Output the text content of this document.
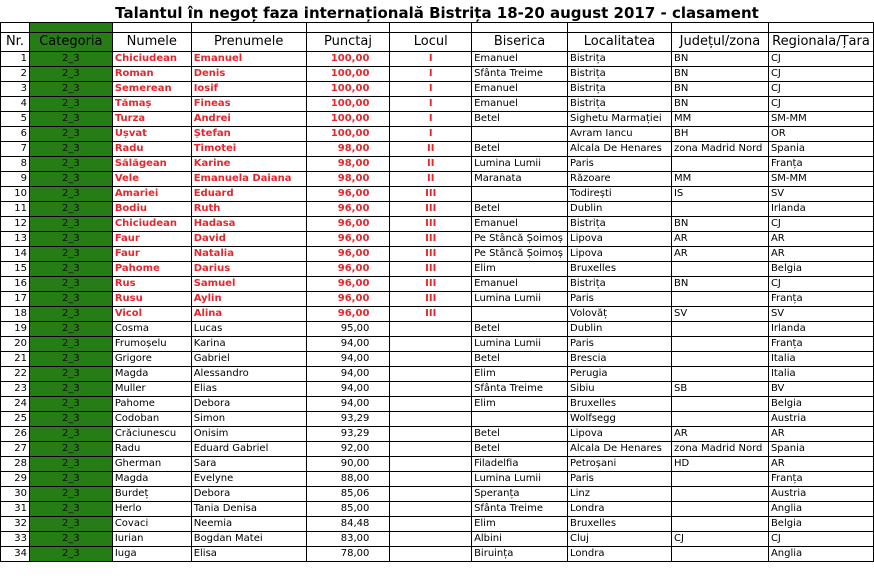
Talantul în negoț faza internațională Bistrița 18-20 august 2017 - clasament

Nr.	Categoria	Numele	Prenumele	Punctaj	Locul	Biserica	Localitatea	Județul/zona	Regionala/Țara
1	2_3	Chiciudean	Emanuel	100,00	I	Emanuel	Bistrița	BN	CJ
2	2_3	Roman	Denis	100,00	I	Sfânta Treime	Bistrița	BN	CJ
3	2_3	Semerean	Iosif	100,00	I	Emanuel	Bistrița	BN	CJ
4	2_3	Tămaș	Fineas	100,00	I	Emanuel	Bistrița	BN	CJ
5	2_3	Turza	Andrei	100,00	I	Betel	Sighetu Marmației	MM	SM-MM
6	2_3	Ușvat	Ștefan	100,00	I		Avram Iancu	BH	OR
7	2_3	Radu	Timotei	98,00	II	Betel	Alcala De Henares	zona Madrid Nord	Spania
8	2_3	Sălăgean	Karine	98,00	II	Lumina Lumii	Paris		Franța
9	2_3	Vele	Emanuela Daiana	98,00	II	Maranata	Răzoare	MM	SM-MM
10	2_3	Amariei	Eduard	96,00	III		Todirești	IS	SV
11	2_3	Bodiu	Ruth	96,00	III	Betel	Dublin		Irlanda
12	2_3	Chiciudean	Hadasa	96,00	III	Emanuel	Bistrița	BN	CJ
13	2_3	Faur	David	96,00	III	Pe Stâncă Șoimoș	Lipova	AR	AR
14	2_3	Faur	Natalia	96,00	III	Pe Stâncă Șoimoș	Lipova	AR	AR
15	2_3	Pahome	Darius	96,00	III	Elim	Bruxelles		Belgia
16	2_3	Rus	Samuel	96,00	III	Emanuel	Bistrița	BN	CJ
17	2_3	Rusu	Aylin	96,00	III	Lumina Lumii	Paris		Franța
18	2_3	Vicol	Alina	96,00	III		Volovăț	SV	SV
19	2_3	Cosma	Lucas	95,00		Betel	Dublin		Irlanda
20	2_3	Frumoșelu	Karina	94,00		Lumina Lumii	Paris		Franța
21	2_3	Grigore	Gabriel	94,00		Betel	Brescia		Italia
22	2_3	Magda	Alessandro	94,00		Elim	Perugia		Italia
23	2_3	Muller	Elias	94,00		Sfânta Treime	Sibiu	SB	BV
24	2_3	Pahome	Debora	94,00		Elim	Bruxelles		Belgia
25	2_3	Codoban	Simon	93,29			Wolfsegg		Austria
26	2_3	Crăciunescu	Onisim	93,29		Betel	Lipova	AR	AR
27	2_3	Radu	Eduard Gabriel	92,00		Betel	Alcala De Henares	zona Madrid Nord	Spania
28	2_3	Gherman	Sara	90,00		Filadelfia	Petroșani	HD	AR
29	2_3	Magda	Evelyne	88,00		Lumina Lumii	Paris		Franța
30	2_3	Burdeț	Debora	85,06		Speranța	Linz		Austria
31	2_3	Herlo	Tania Denisa	85,00		Sfânta Treime	Londra		Anglia
32	2_3	Covaci	Neemia	84,48		Elim	Bruxelles		Belgia
33	2_3	Iurian	Bogdan Matei	83,00		Albini	Cluj	CJ	CJ
34	2_3	Iuga	Elisa	78,00		Biruința	Londra		Anglia
